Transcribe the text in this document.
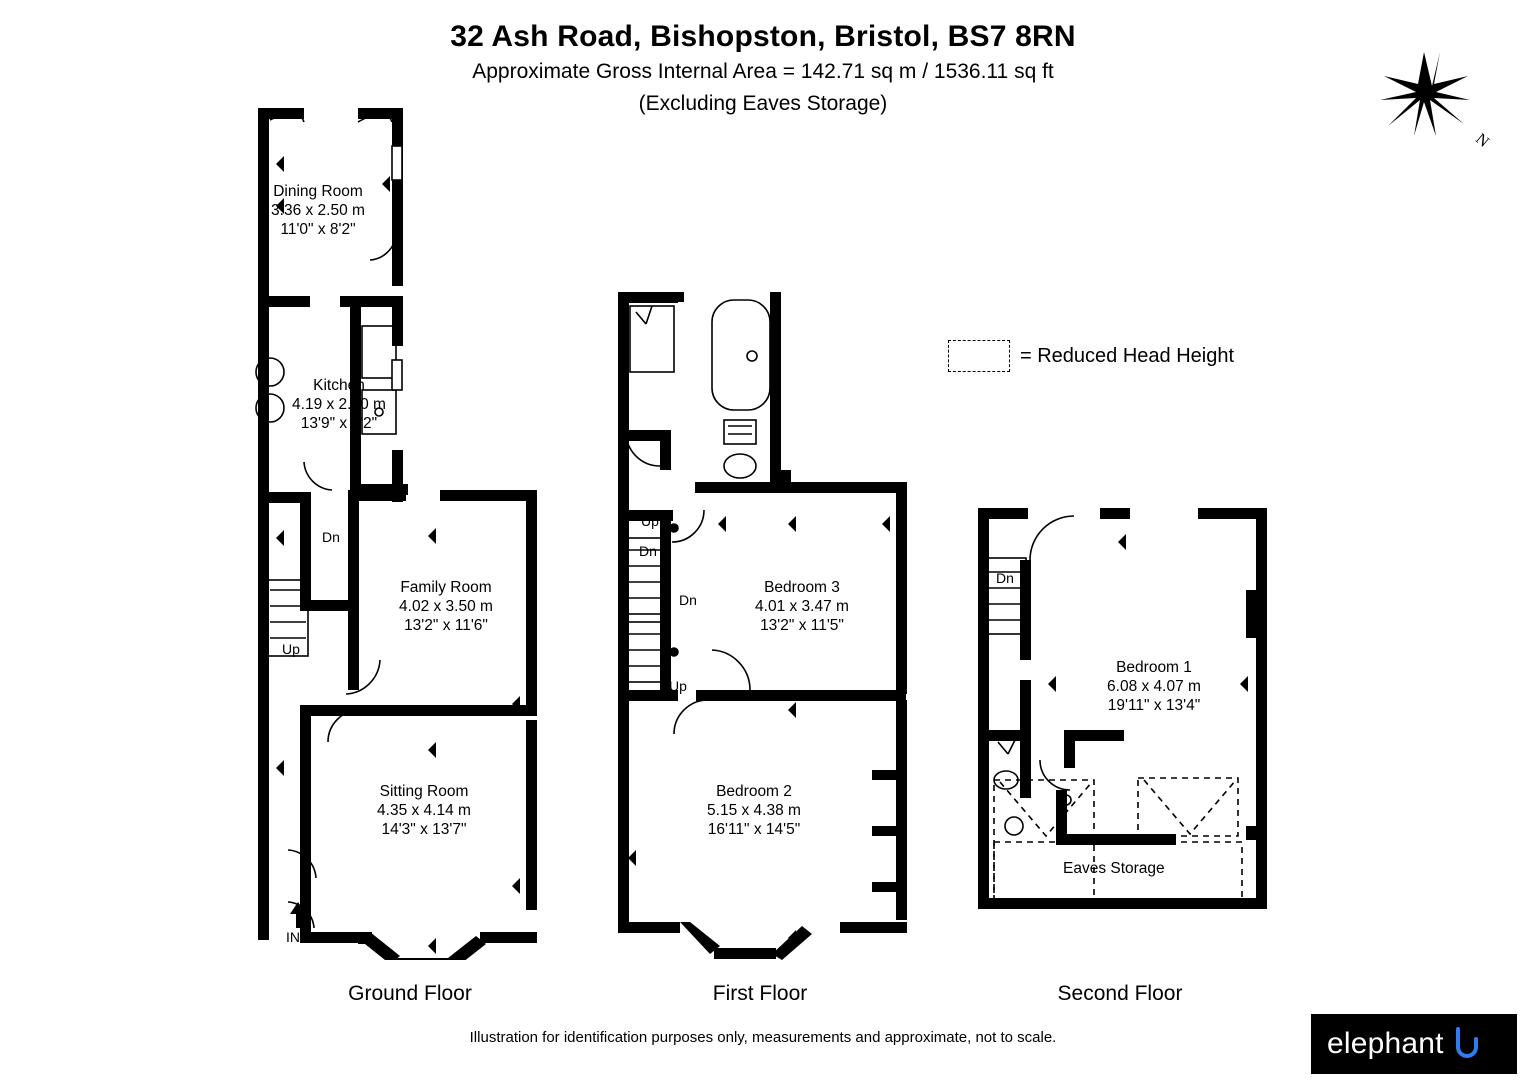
32 Ash Road, Bishopston, Bristol, BS7 8RN
Approximate Gross Internal Area = 142.71 sq m / 1536.11 sq ft
(Excluding Eaves Storage)
N
= Reduced Head Height
Dining Room
3.36 x 2.50 m
11'0" x 8'2"
Kitchen
4.19 x 2.50 m
13'9" x 8'2"
Family Room
4.02 x 3.50 m
13'2" x 11'6"
Sitting Room
4.35 x 4.14 m
14'3" x 13'7"
Dn
Up
IN
Bedroom 3
4.01 x 3.47 m
13'2" x 11'5"
Bedroom 2
5.15 x 4.38 m
16'11" x 14'5"
Up
Dn
Dn
Up
Bedroom 1
6.08 x 4.07 m
19'11" x 13'4"
Dn
Eaves Storage
Ground Floor	First Floor	Second Floor
Illustration for identification purposes only, measurements and approximate, not to scale.	elephant
